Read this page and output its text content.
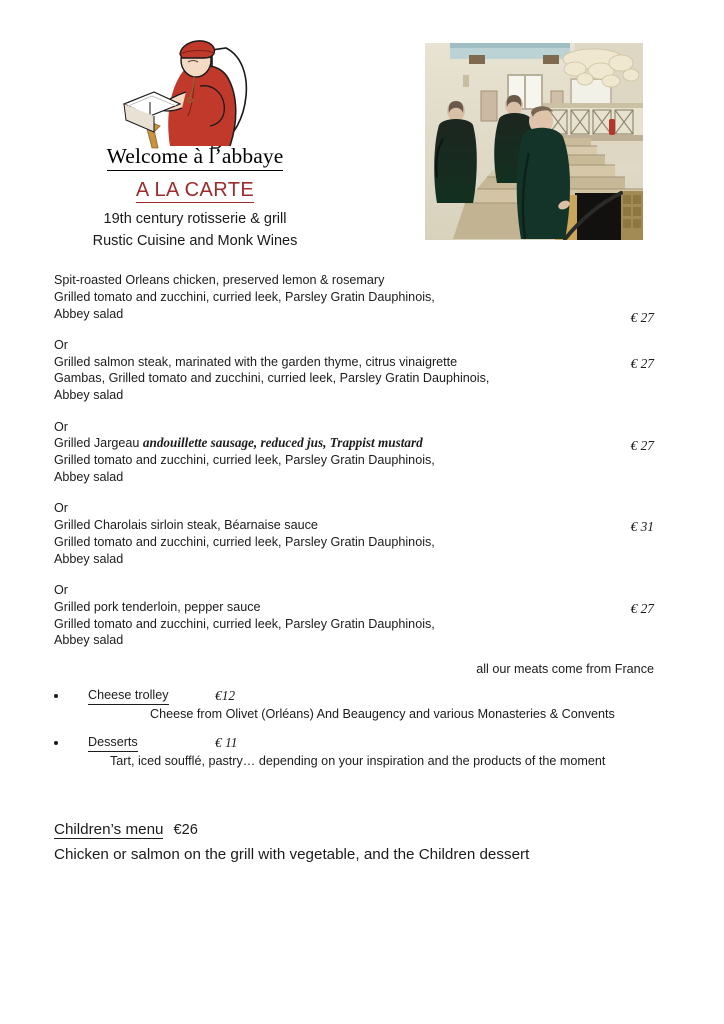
Welcome à l’abbaye
A LA CARTE
19th century rotisserie & grill
Rustic Cuisine and Monk Wines
Spit-roasted Orleans chicken, preserved lemon & rosemary
Grilled tomato and zucchini, curried leek, Parsley Gratin Dauphinois,
Abbey salad	€ 27
Or
Grilled salmon steak, marinated with the garden thyme, citrus vinaigrette
Gambas, Grilled tomato and zucchini, curried leek, Parsley Gratin Dauphinois,
Abbey salad
€ 27
Or
Grilled Jargeau andouillette sausage, reduced jus, Trappist mustard
Grilled tomato and zucchini, curried leek, Parsley Gratin Dauphinois,
Abbey salad
€ 27
Or
Grilled Charolais sirloin steak, Béarnaise sauce
Grilled tomato and zucchini, curried leek, Parsley Gratin Dauphinois,
Abbey salad
€ 31
Or
Grilled pork tenderloin, pepper sauce
Grilled tomato and zucchini, curried leek, Parsley Gratin Dauphinois,
Abbey salad
€ 27
all our meats come from France
Cheese trolley	€12
Cheese from Olivet (Orléans) And Beaugency and various Monasteries & Convents
Desserts	€ 11
Tart, iced soufflé, pastry… depending on your inspiration and the products of the moment
Children’s menu €26
Chicken or salmon on the grill with vegetable, and the Children dessert
